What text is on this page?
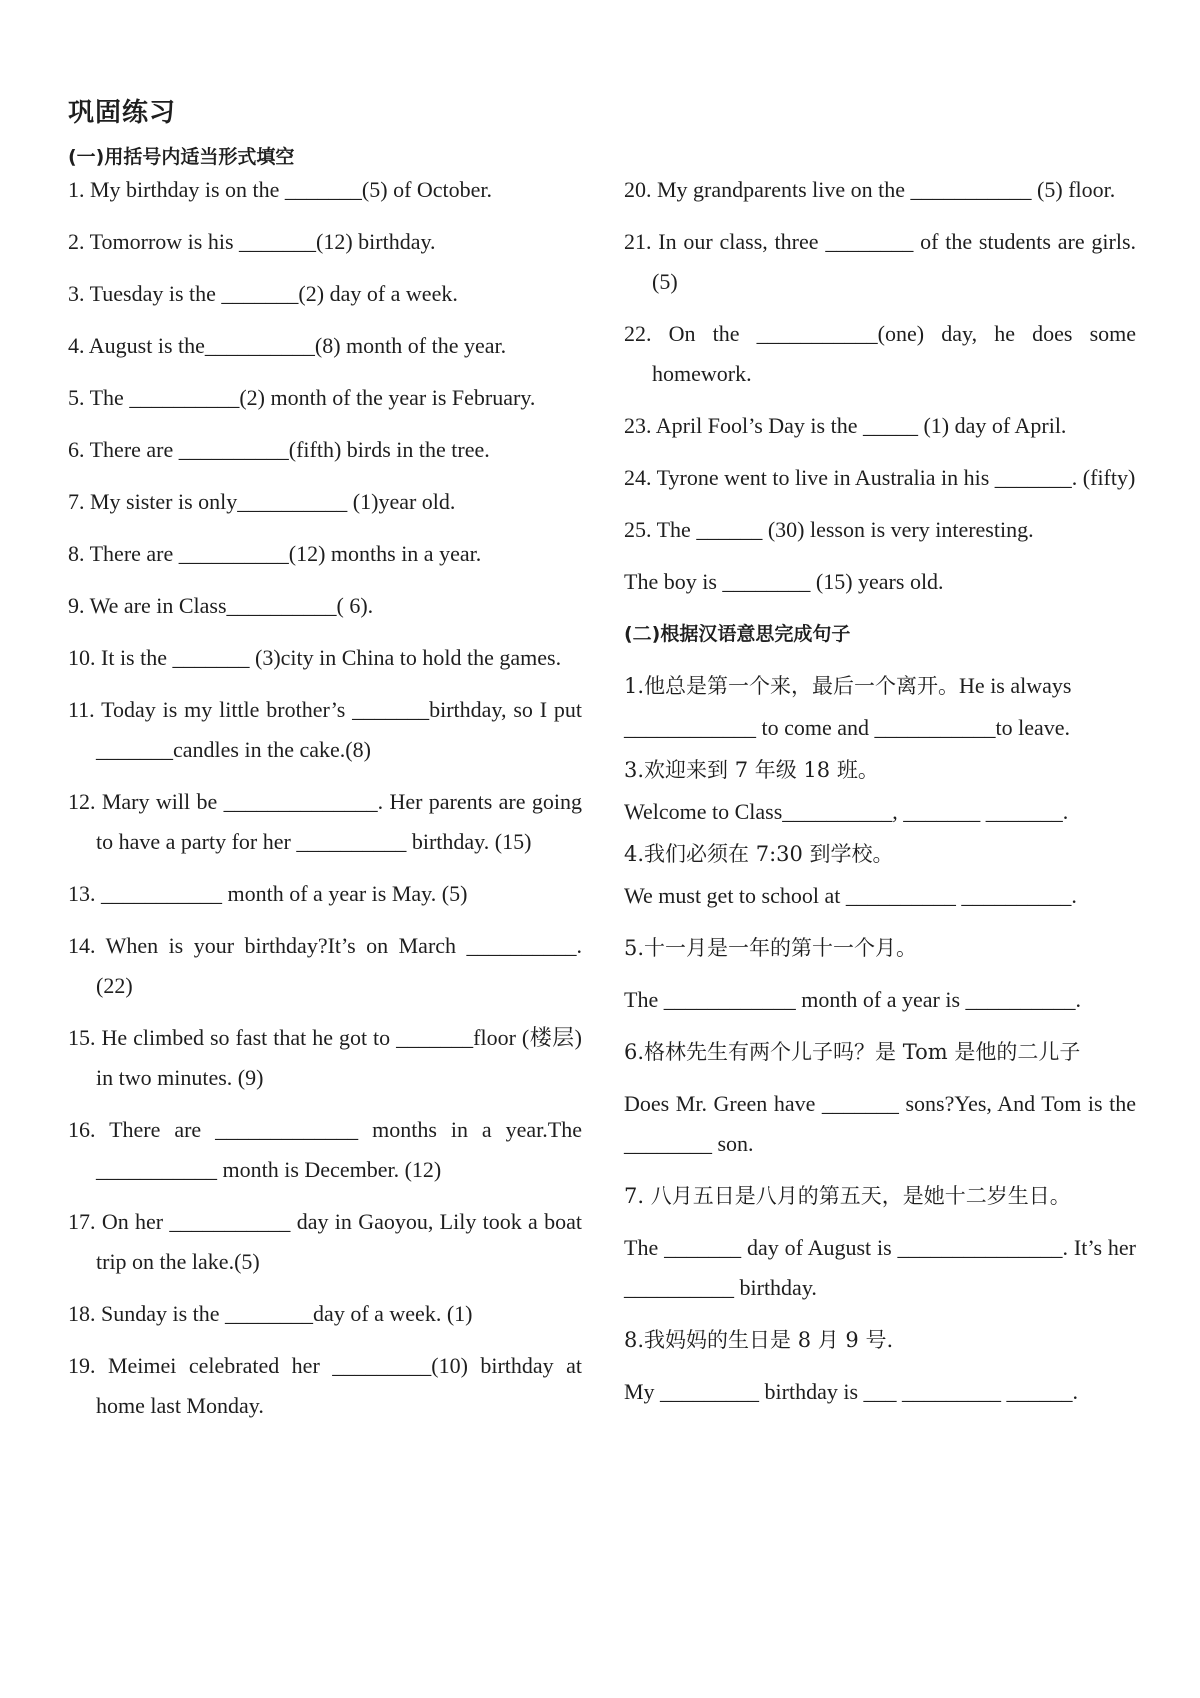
巩固练习
(一)用括号内适当形式填空
1. My birthday is on the _______(5) of October.
2. Tomorrow is his _______(12) birthday.
3. Tuesday is the _______(2) day of a week.
4. August is the__________(8) month of the year.
5. The __________(2) month of the year is February.
6. There are __________(fifth) birds in the tree.
7. My sister is only__________ (1)year old.
8. There are __________(12) months in a year.
9. We are in Class__________( 6).
10. It is the _______ (3)city in China to hold the games.
11. Today is my little brother’s _______birthday, so I put _______candles in the cake.(8)
12. Mary will be ______________. Her parents are going to have a party for her __________ birthday. (15)
13. ___________ month of a year is May. (5)
14. When is your birthday?It’s on March __________.(22)
15. He climbed so fast that he got to _______floor (楼层) in two minutes. (9)
16. There are _____________ months in a year.The ___________ month is December. (12)
17. On her ___________ day in Gaoyou, Lily took a boat trip on the lake.(5)
18. Sunday is the ________day of a week. (1)
19. Meimei celebrated her _________(10) birthday at home last Monday.
20. My grandparents live on the ___________ (5) floor.
21. In our class, three ________ of the students are girls.(5)
22. On the ___________(one) day, he does some homework.
23. April Fool’s Day is the _____ (1) day of April.
24. Tyrone went to live in Australia in his _______. (fifty)
25. The ______ (30) lesson is very interesting.
The boy is ________ (15) years old.
(二)根据汉语意思完成句子
1.他总是第一个来，最后一个离开。He is always
____________ to come and ___________to leave.
3.欢迎来到 7 年级 18 班。
Welcome to Class__________, _______ _______.
4.我们必须在 7:30 到学校。
We must get to school at __________ __________.
5.十一月是一年的第十一个月。
The ____________ month of a year is __________.
6.格林先生有两个儿子吗？是 Tom 是他的二儿子
Does Mr. Green have _______ sons?Yes, And Tom is the ________ son.
7. 八月五日是八月的第五天，是她十二岁生日。
The _______ day of August is _______________. It’s her __________ birthday.
8.我妈妈的生日是 8 月 9 号.
My _________ birthday is ___ _________ ______.
